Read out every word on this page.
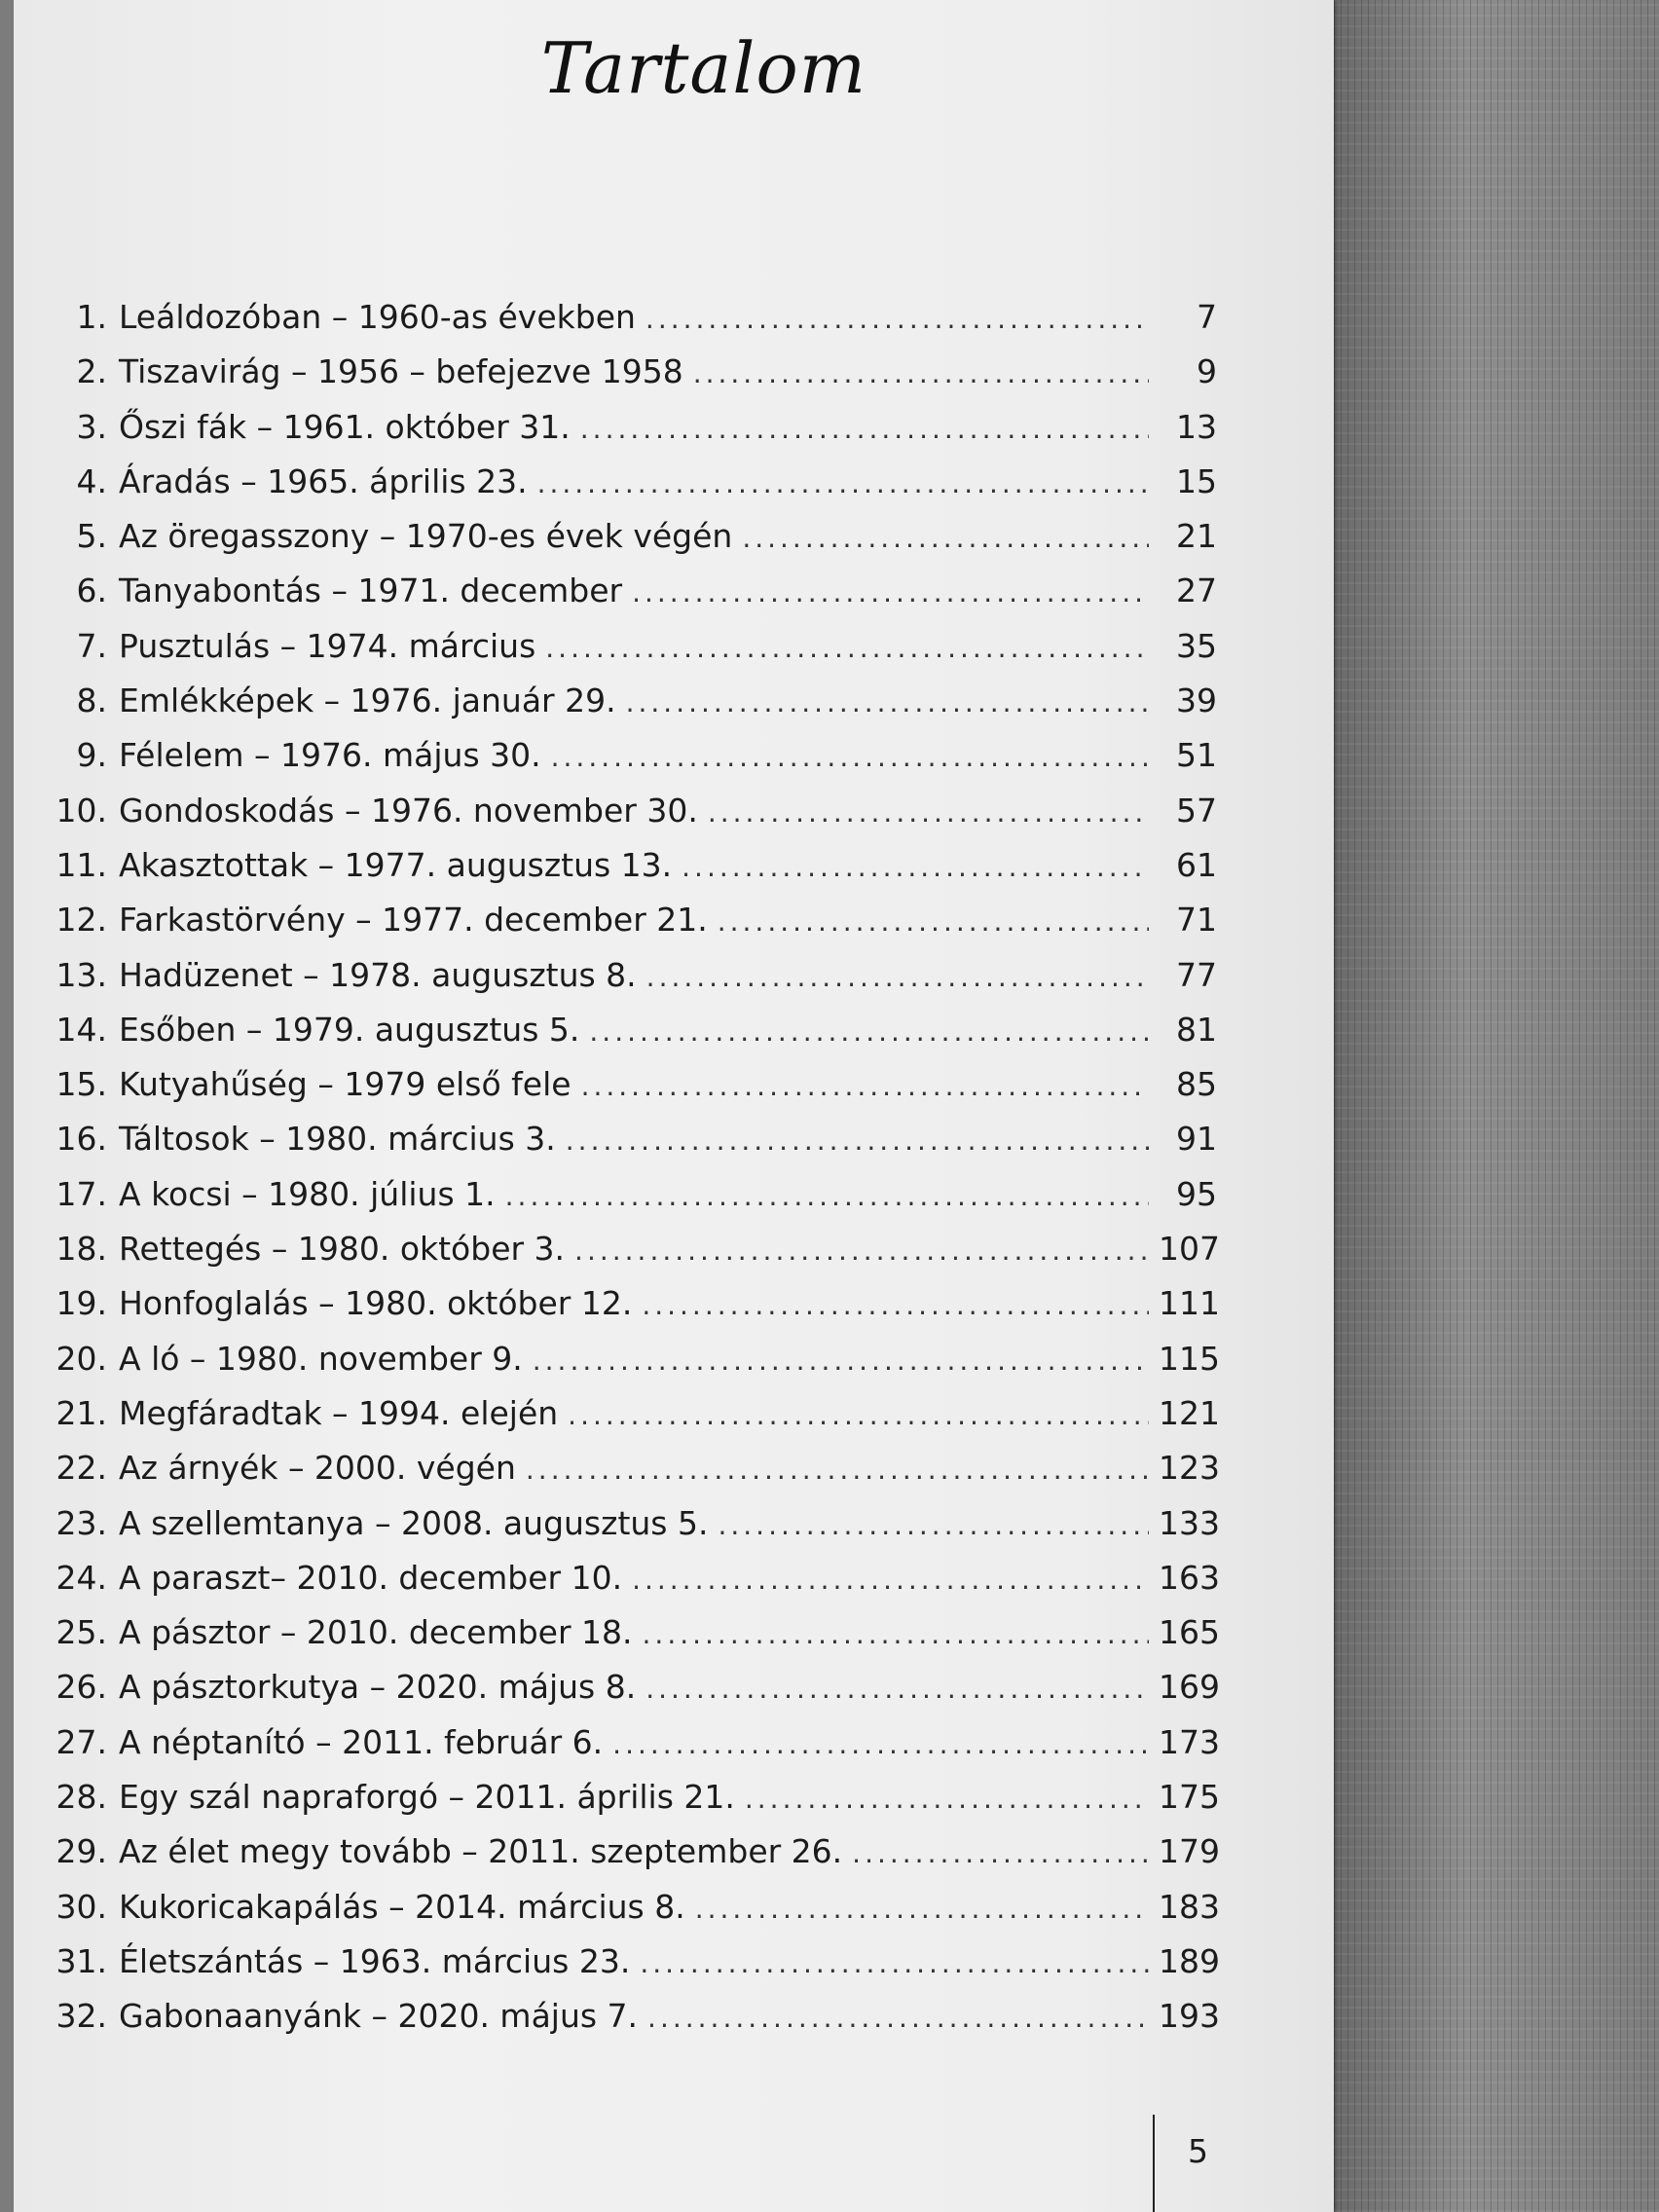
Tartalom
1. Leáldozóban – 1960-as években .....	7
2. Tiszavirág – 1956 – befejezve 1958 .....	9
3. Őszi fák – 1961. október 31. .....	13
4. Áradás – 1965. április 23. .....	15
5. Az öregasszony – 1970-es évek végén .....	21
6. Tanyabontás – 1971. december .....	27
7. Pusztulás – 1974. március .....	35
8. Emlékképek – 1976. január 29. .....	39
9. Félelem – 1976. május 30. .....	51
10. Gondoskodás – 1976. november 30. .....	57
11. Akasztottak – 1977. augusztus 13. .....	61
12. Farkastörvény – 1977. december 21. .....	71
13. Hadüzenet – 1978. augusztus 8. .....	77
14. Esőben – 1979. augusztus 5. .....	81
15. Kutyahűség – 1979 első fele .....	85
16. Táltosok – 1980. március 3. .....	91
17. A kocsi – 1980. július 1. .....	95
18. Rettegés – 1980. október 3. .....	107
19. Honfoglalás – 1980. október 12. .....	111
20. A ló – 1980. november 9. .....	115
21. Megfáradtak – 1994. elején .....	121
22. Az árnyék – 2000. végén .....	123
23. A szellemtanya – 2008. augusztus 5. .....	133
24. A paraszt– 2010. december 10. .....	163
25. A pásztor – 2010. december 18. .....	165
26. A pásztorkutya – 2020. május 8. .....	169
27. A néptanító – 2011. február 6. .....	173
28. Egy szál napraforgó – 2011. április 21. .....	175
29. Az élet megy tovább – 2011. szeptember 26. .....	179
30. Kukoricakapálás – 2014. március 8. .....	183
31. Életszántás – 1963. március 23. .....	189
32. Gabonaanyánk – 2020. május 7. .....	193
5
